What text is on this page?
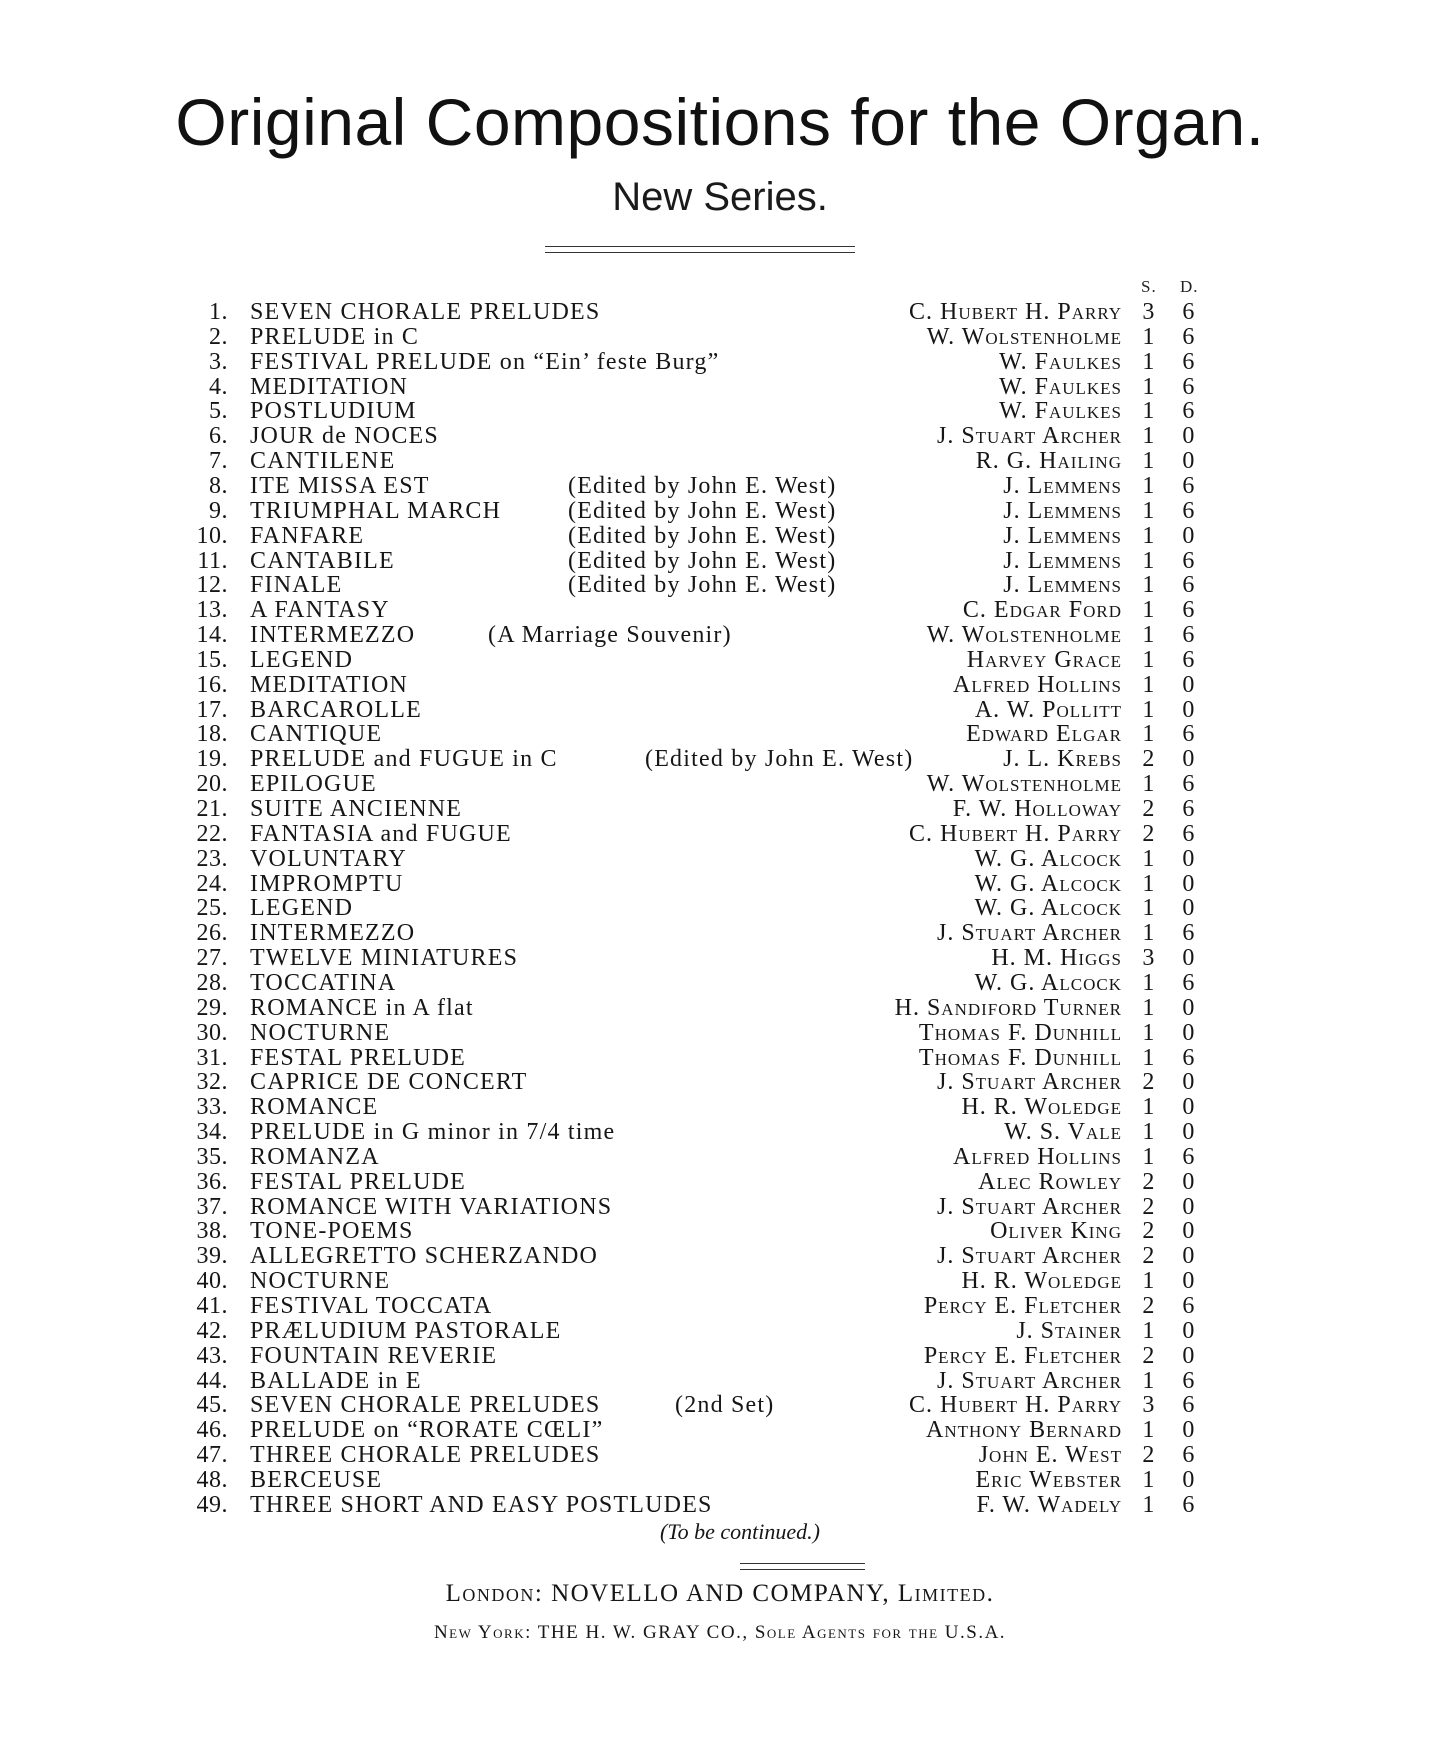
Original Compositions for the Organ.
New Series.
S. D.
1. SEVEN CHORALE PRELUDES	C. Hubert H. Parry 3 6
2. PRELUDE in C	W. Wolstenholme 1 6
3. FESTIVAL PRELUDE on “Ein’ feste Burg”	W. Faulkes 1 6
4. MEDITATION	W. Faulkes 1 6
5. POSTLUDIUM	W. Faulkes 1 6
6. JOUR de NOCES	J. Stuart Archer 1 0
7. CANTILENE	R. G. Hailing 1 0
8. ITE MISSA EST	(Edited by John E. West)	J. Lemmens 1 6
9. TRIUMPHAL MARCH	(Edited by John E. West)	J. Lemmens 1 6
10. FANFARE	(Edited by John E. West)	J. Lemmens 1 0
11. CANTABILE	(Edited by John E. West)	J. Lemmens 1 6
12. FINALE	(Edited by John E. West)	J. Lemmens 1 6
13. A FANTASY	C. Edgar Ford 1 6
14. INTERMEZZO	(A Marriage Souvenir)	W. Wolstenholme 1 6
15. LEGEND	Harvey Grace 1 6
16. MEDITATION	Alfred Hollins 1 0
17. BARCAROLLE	A. W. Pollitt 1 0
18. CANTIQUE	Edward Elgar 1 6
19. PRELUDE and FUGUE in C	(Edited by John E. West)	J. L. Krebs 2 0
20. EPILOGUE	W. Wolstenholme 1 6
21. SUITE ANCIENNE	F. W. Holloway 2 6
22. FANTASIA and FUGUE	C. Hubert H. Parry 2 6
23. VOLUNTARY	W. G. Alcock 1 0
24. IMPROMPTU	W. G. Alcock 1 0
25. LEGEND	W. G. Alcock 1 0
26. INTERMEZZO	J. Stuart Archer 1 6
27. TWELVE MINIATURES	H. M. Higgs 3 0
28. TOCCATINA	W. G. Alcock 1 6
29. ROMANCE in A flat	H. Sandiford Turner 1 0
30. NOCTURNE	Thomas F. Dunhill 1 0
31. FESTAL PRELUDE	Thomas F. Dunhill 1 6
32. CAPRICE DE CONCERT	J. Stuart Archer 2 0
33. ROMANCE	H. R. Woledge 1 0
34. PRELUDE in G minor in 7/4 time	W. S. Vale 1 0
35. ROMANZA	Alfred Hollins 1 6
36. FESTAL PRELUDE	Alec Rowley 2 0
37. ROMANCE WITH VARIATIONS	J. Stuart Archer 2 0
38. TONE-POEMS	Oliver King 2 0
39. ALLEGRETTO SCHERZANDO	J. Stuart Archer 2 0
40. NOCTURNE	H. R. Woledge 1 0
41. FESTIVAL TOCCATA	Percy E. Fletcher 2 6
42. PRÆLUDIUM PASTORALE	J. Stainer 1 0
43. FOUNTAIN REVERIE	Percy E. Fletcher 2 0
44. BALLADE in E	J. Stuart Archer 1 6
45. SEVEN CHORALE PRELUDES	(2nd Set)	C. Hubert H. Parry 3 6
46. PRELUDE on “RORATE CŒLI”	Anthony Bernard 1 0
47. THREE CHORALE PRELUDES	John E. West 2 6
48. BERCEUSE	Eric Webster 1 0
49. THREE SHORT AND EASY POSTLUDES	F. W. Wadely 1 6
(To be continued.)
London: NOVELLO AND COMPANY, Limited.
New York: THE H. W. GRAY CO., Sole Agents for the U.S.A.
